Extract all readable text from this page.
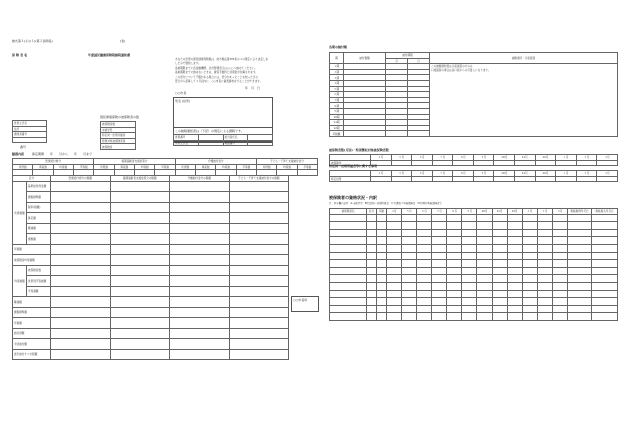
様式第１(その１)(第２条関係)	(表)
保 険 者 名	年度国民健康保険税納税通知書
あなたの世帯の国民健康保険税は、地方税法第703条の４の規定により決定しま
したので通知します。
各納期限までに各金融機関、会計管理者又は○○○へ納めてください。
各納期限までに納めないときは、督促手数料と延滞金が加算されます。
この処分について不服がある場合には、処分があったことを知った日の
翌日から起算して３月以内に、○○市長に審査請求をすることができます。
年　月　日
○○市長
宛名 (住所)
この納税通知書は（下記）の規定による課税です。
世帯番号		担当者氏名	
世帯主氏名		電話番号	
世帯主氏名
住所
通知書番号

番号
国民健康保険の被保険者の数
被保険者数
未就学児
特定同一世帯所属者
特例対象被保険者等
被保険者
賦課内訳	算定期間　　年　　月から　　年　　月まで
医療給付費分				後期高齢者支援金等分				介護納付金分				子ども・子育て支援納付金分		
所得割	資産割	均等割	平等割	所得割	資産割	均等割	平等割	所得割	資産割	均等割	平等割	所得割	均等割	平等割

区分		医療給付費分の税額	後期高齢者支援金等分の税額	介護納付金分の税額	子ども・子育て支援納付金分の税額
所得割額	基準総所得金額				
	課税標準額				
	税率(税額)				
	算定額				
	軽減額				
	課税額				
年税額					
被保険者均等割額					
均等割額	被保険者数				
	世帯別平等割額				
	平等割額				
軽減額					
課税標準額					
年税額					
納付済額					
今回納付額					
差引納付すべき税額					
○○市長印
各期の納付額
期	納付税額	納付期限		納税場所・口座振替
		月	日	
１期				この納税通知書は口座振替の方のみ
口座振替の場合は各口座からの引落しになります。

２期				
３期				
４期				
５期				
６期				
７期				
８期				
９期				
10期				
11期				
12期				
年税額				
被保険者数(月別)・特別徴収対象被保険者数
	４月	５月	６月	７月	８月	９月	10月	11月	12月	１月	２月	３月
被保険者												
特定同一世帯所属者等に関する事項
	４月	５月	６月	７月	８月	９月	10月	11月	12月	１月	２月	３月
特定世帯												
被保険者の資格状況・内訳
注　区分欄の記号　A:未就学児　B:特定同一世帯所属者　C:介護第２号被保険者　D:特例対象被保険者等
被保険者名	区分	年齢	４月	５月	６月	７月	８月	９月	10月	11月	12月	１月	２月	３月	資格取得年月日	資格喪失年月日
